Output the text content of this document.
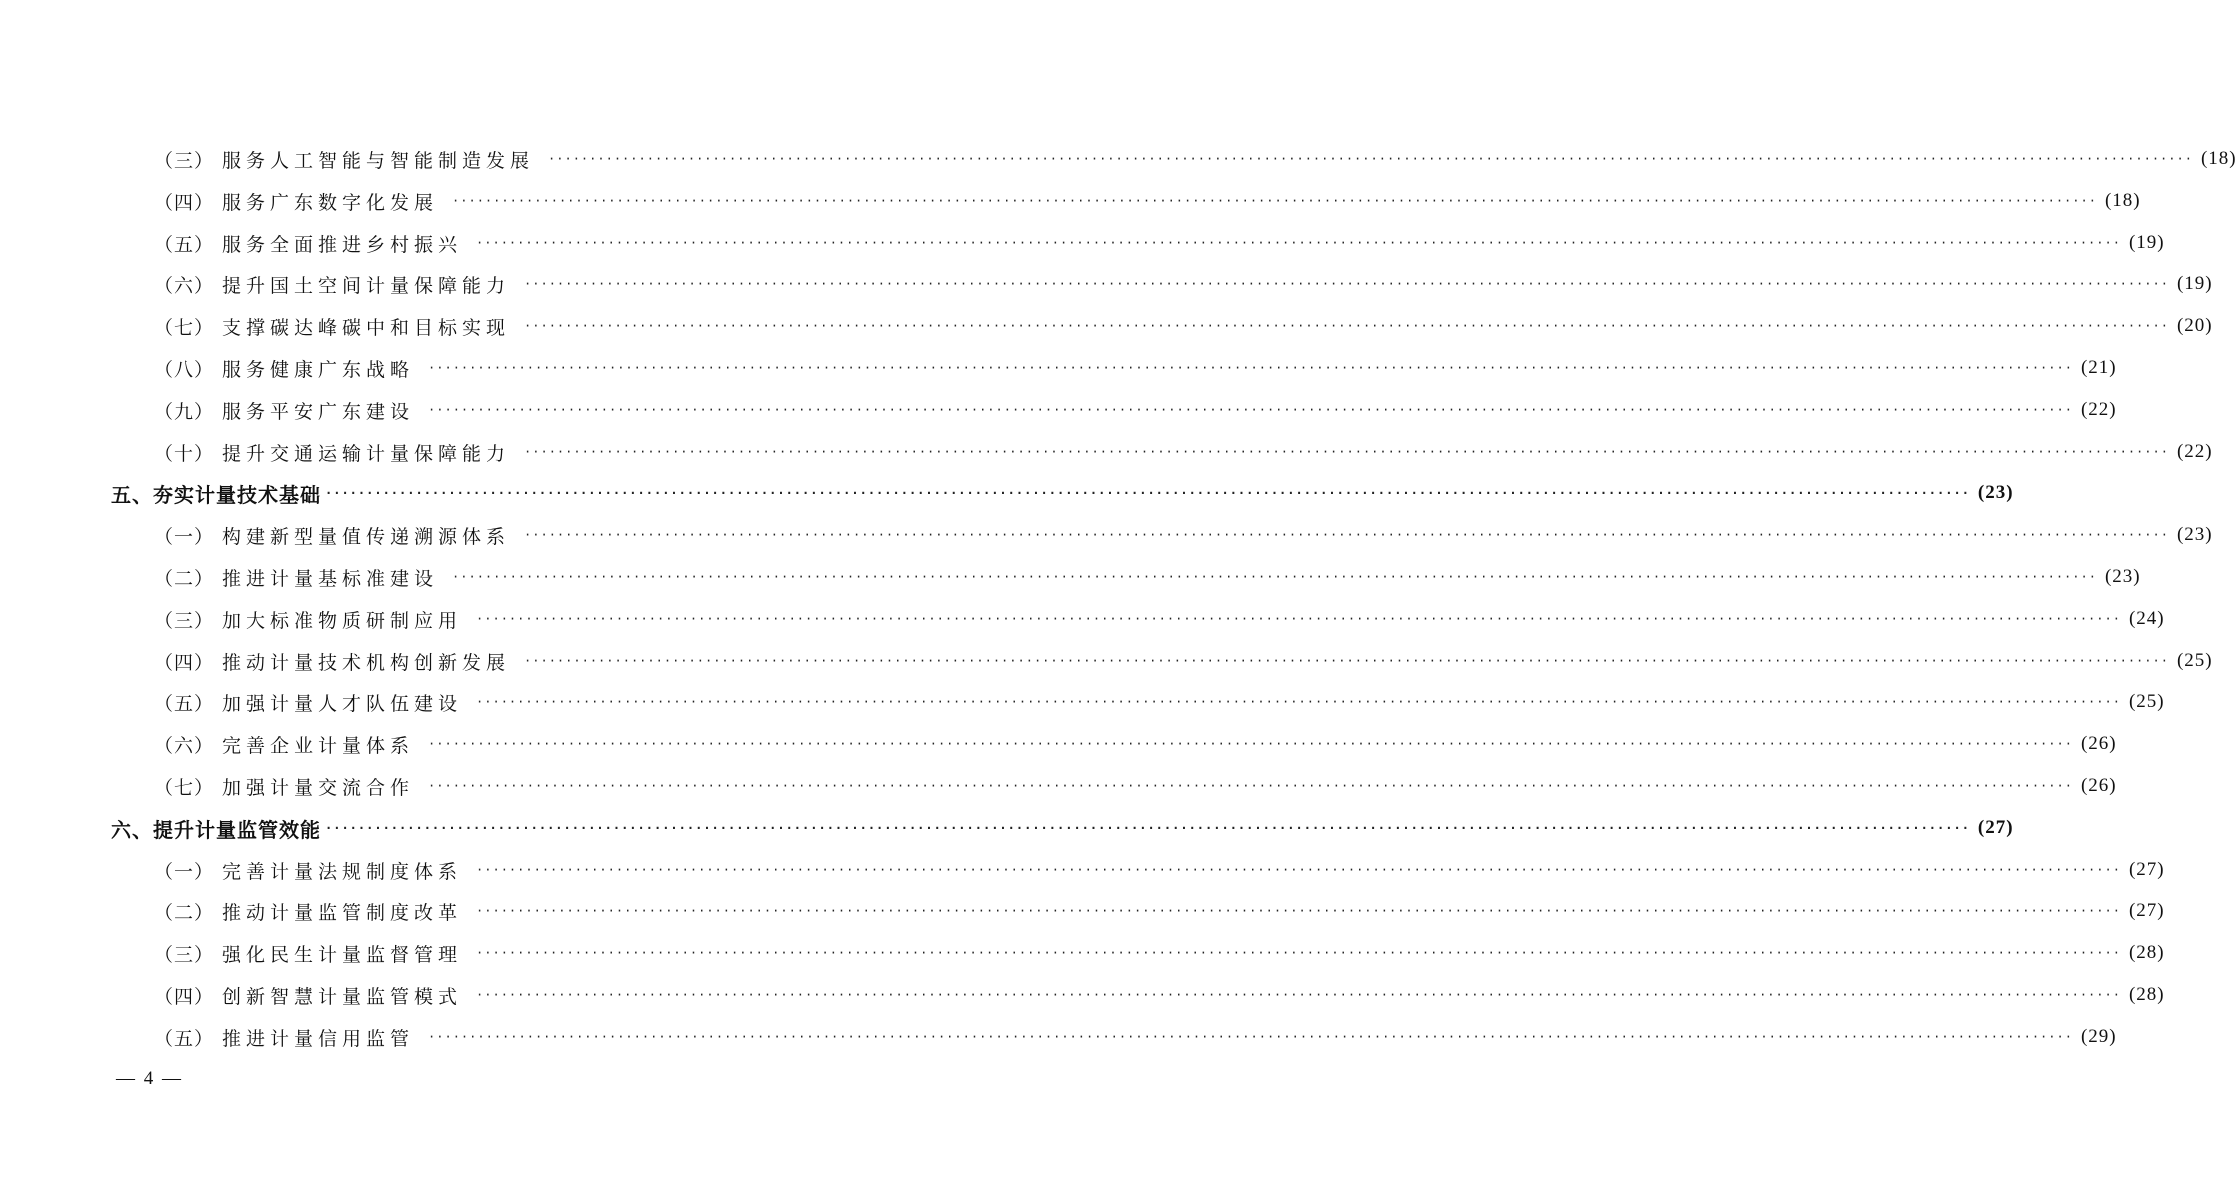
（三） 服务人工智能与智能制造发展 ········································································································································································································ (18)
（四） 服务广东数字化发展 ········································································································································································································ (18)
（五） 服务全面推进乡村振兴 ········································································································································································································ (19)
（六） 提升国土空间计量保障能力 ········································································································································································································ (19)
（七） 支撑碳达峰碳中和目标实现 ········································································································································································································ (20)
（八） 服务健康广东战略 ········································································································································································································ (21)
（九） 服务平安广东建设 ········································································································································································································ (22)
（十） 提升交通运输计量保障能力 ········································································································································································································ (22)
五、夯实计量技术基础 ········································································································································································································ (23)
（一） 构建新型量值传递溯源体系 ········································································································································································································ (23)
（二） 推进计量基标准建设 ········································································································································································································ (23)
（三） 加大标准物质研制应用 ········································································································································································································ (24)
（四） 推动计量技术机构创新发展 ········································································································································································································ (25)
（五） 加强计量人才队伍建设 ········································································································································································································ (25)
（六） 完善企业计量体系 ········································································································································································································ (26)
（七） 加强计量交流合作 ········································································································································································································ (26)
六、提升计量监管效能 ········································································································································································································ (27)
（一） 完善计量法规制度体系 ········································································································································································································ (27)
（二） 推动计量监管制度改革 ········································································································································································································ (27)
（三） 强化民生计量监督管理 ········································································································································································································ (28)
（四） 创新智慧计量监管模式 ········································································································································································································ (28)
（五） 推进计量信用监管 ········································································································································································································ (29)
— 4 —
